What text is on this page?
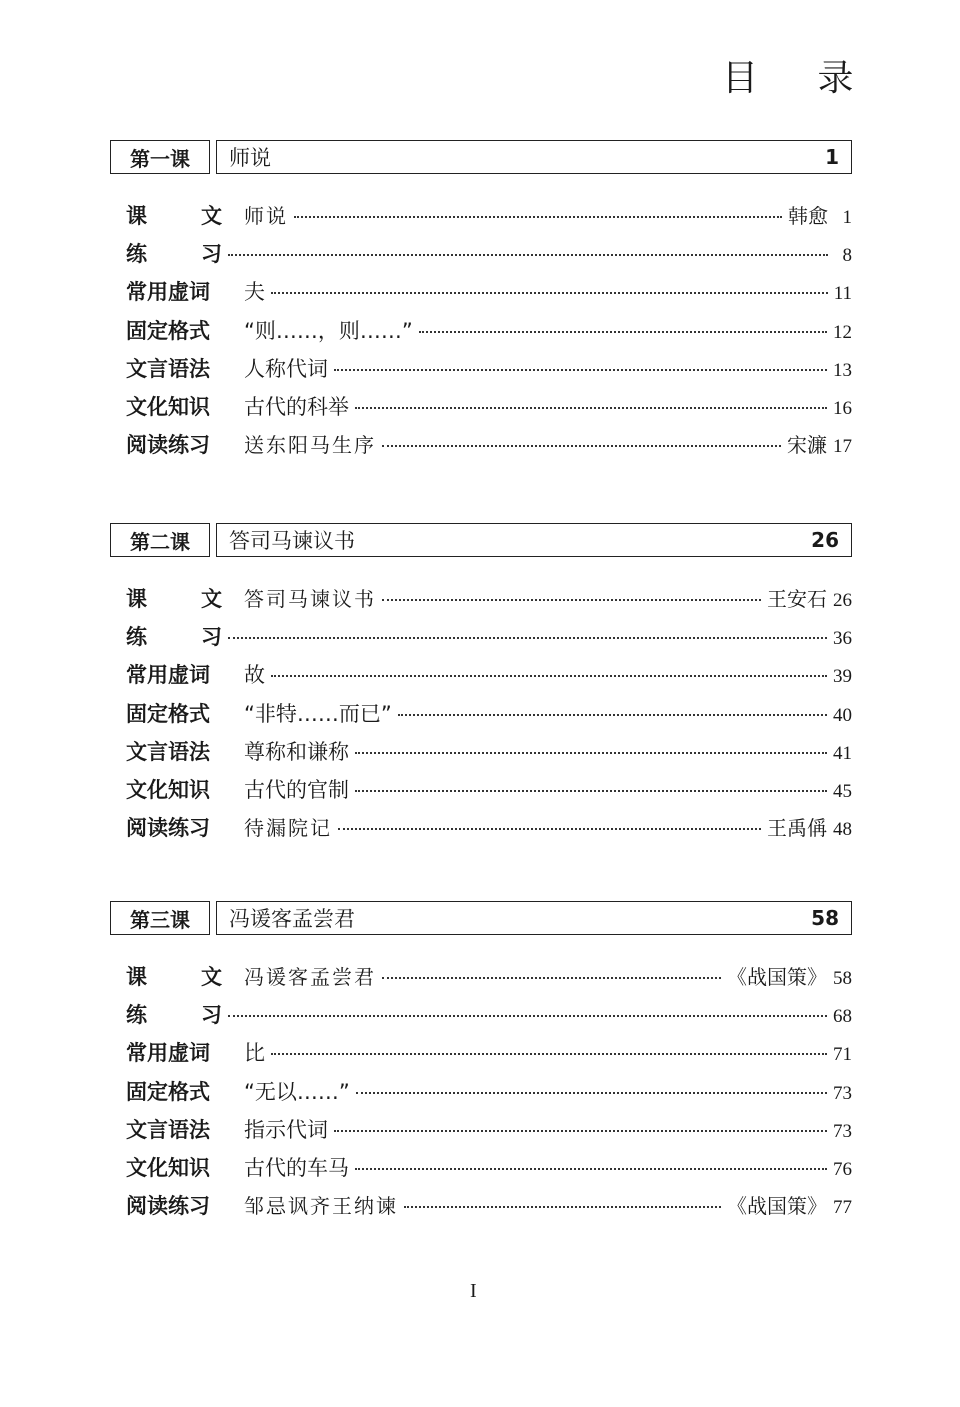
目 录
第一课	师说	1
课	文 师说	韩愈 1
练	习	8
常用虚词 夫	11
固定格式 “则……，则……”	12
文言语法 人称代词	13
文化知识 古代的科举	16
阅读练习 送东阳马生序	宋濂 17
第二课	答司马谏议书	26
课	文 答司马谏议书	王安石 26
练	习	36
常用虚词 故	39
固定格式 “非特……而已”	40
文言语法 尊称和谦称	41
文化知识 古代的官制	45
阅读练习 待漏院记	王禹偁 48
第三课	冯谖客孟尝君	58
课	文 冯谖客孟尝君	《战国策》 58
练	习	68
常用虚词 比	71
固定格式 “无以……”	73
文言语法 指示代词	73
文化知识 古代的车马	76
阅读练习 邹忌讽齐王纳谏	《战国策》 77
I
